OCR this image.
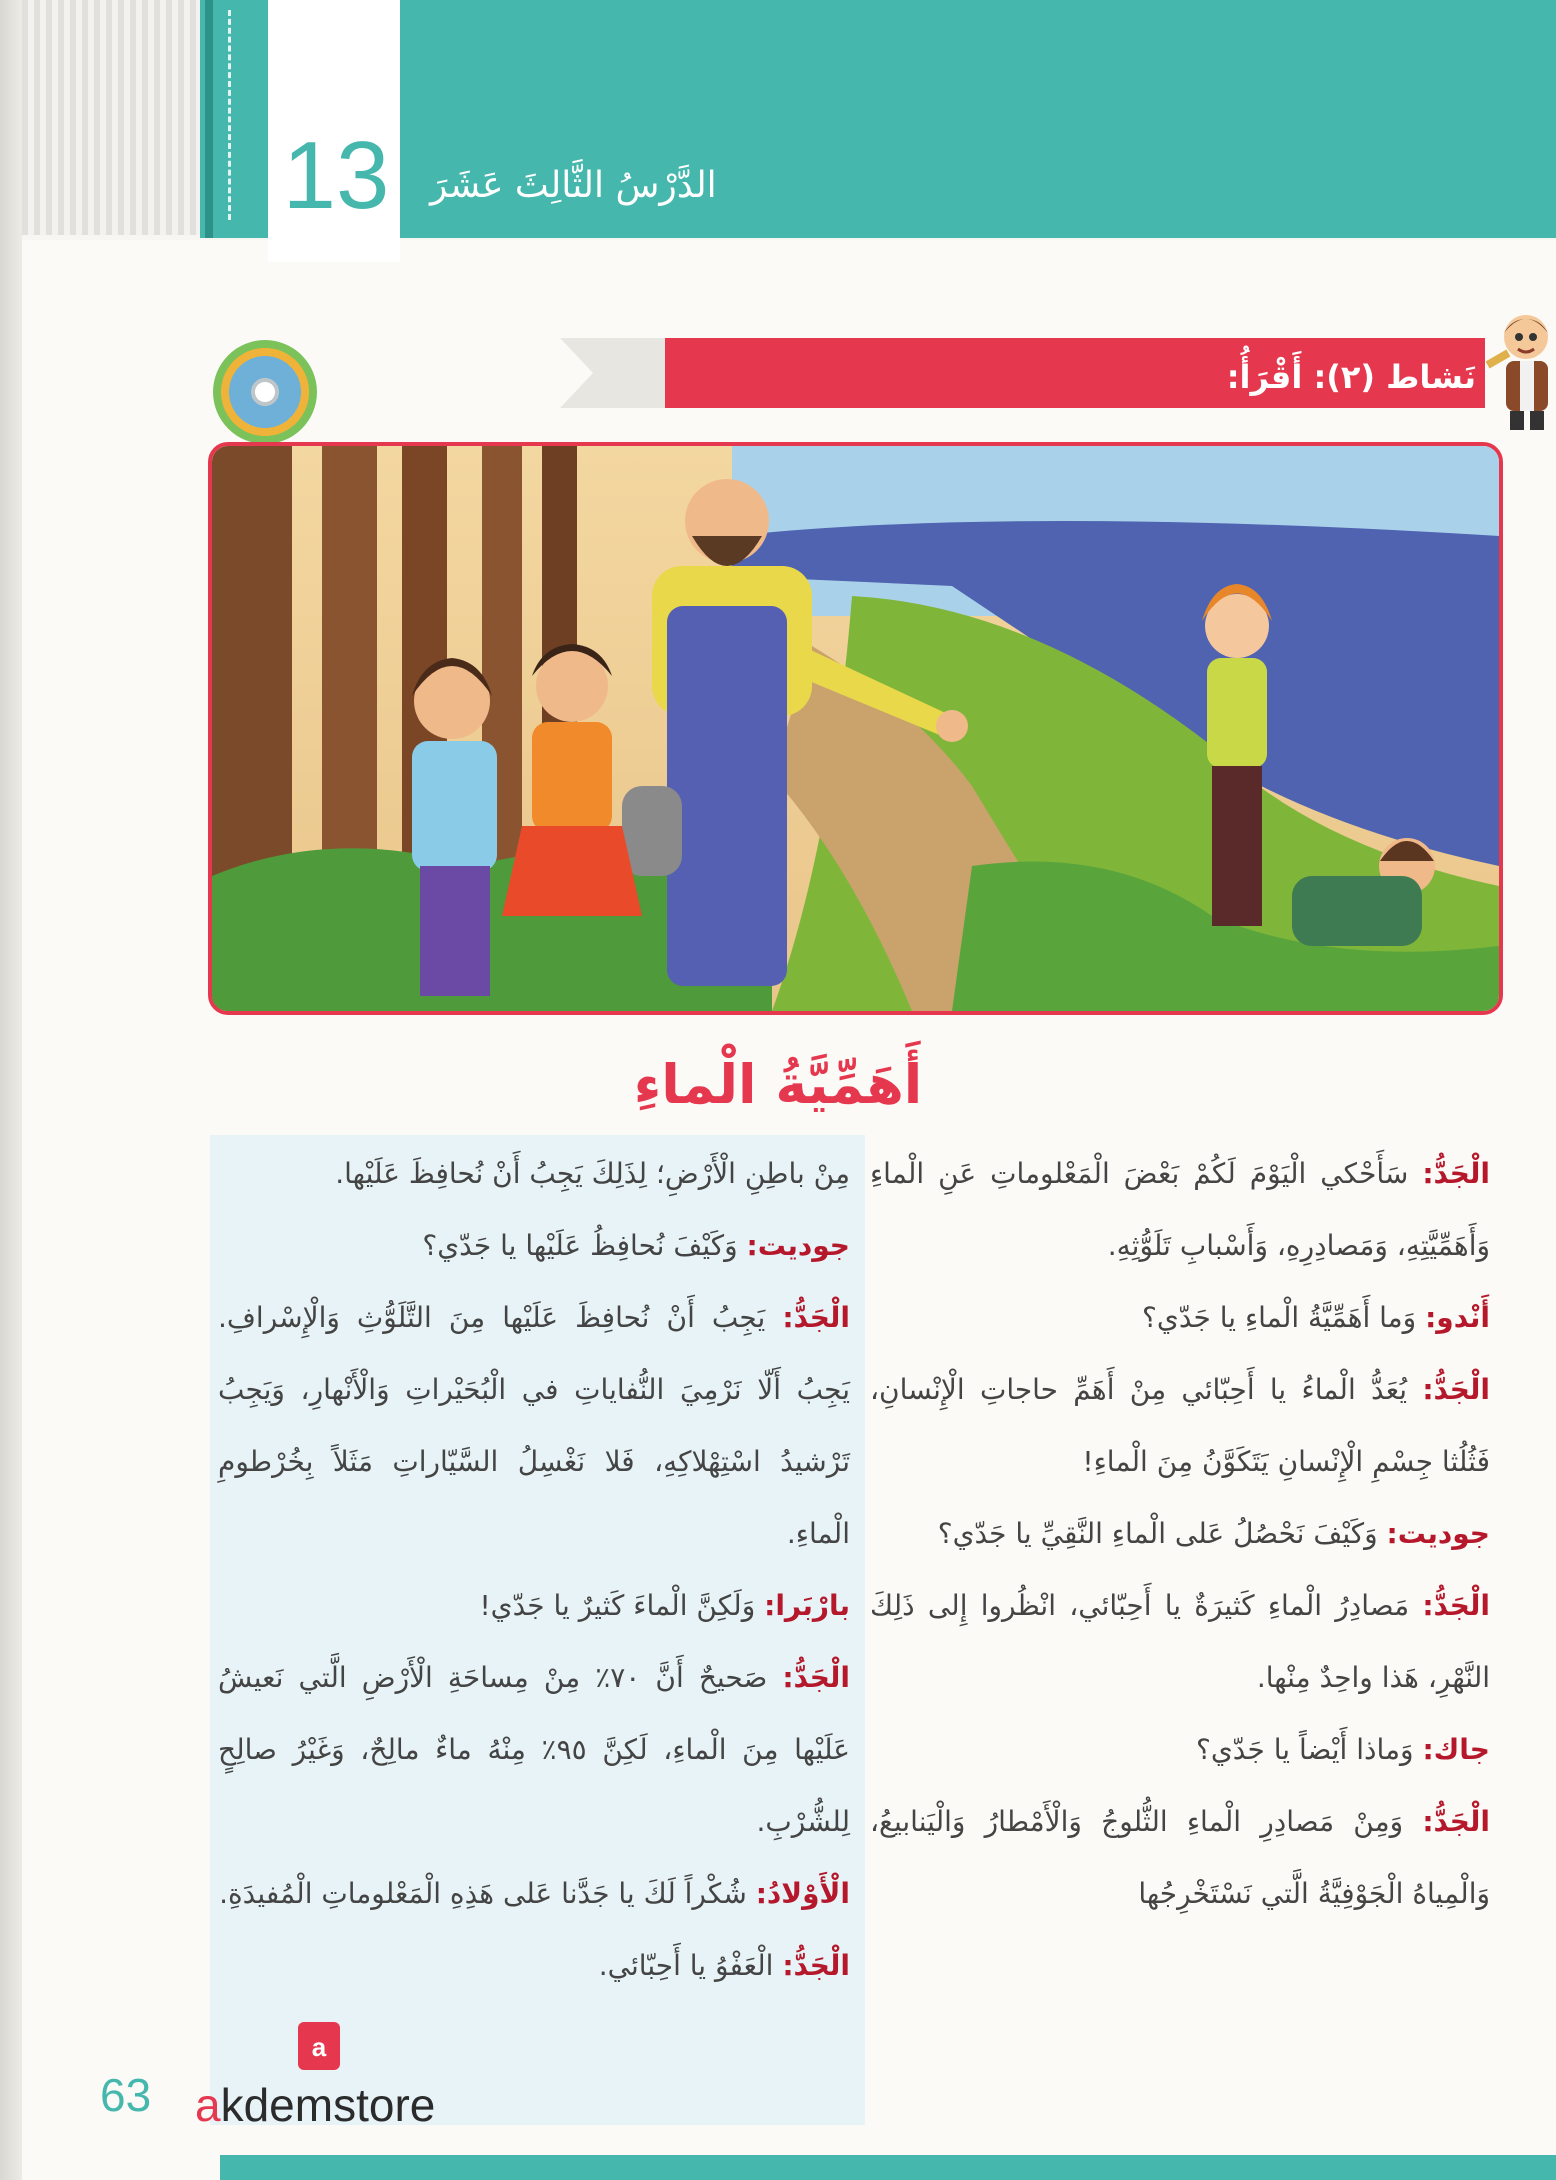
13 الدَّرْسُ الثَّالِثَ عَشَرَ
نَشاط (٢): أَقْرَأُ:
أَهَمِّيَّةُ الْماءِ

الْجَدُّ: سَأَحْكي الْيَوْمَ لَكُمْ بَعْضَ الْمَعْلوماتِ عَنِ الْماءِ وَأَهَمِّيَّتِهِ، وَمَصادِرِهِ، وَأَسْبابِ تَلَوُّثِهِ.

أَنْدو: وَما أَهَمِّيَّةُ الْماءِ يا جَدّي؟

الْجَدُّ: يُعَدُّ الْماءُ يا أَحِبّائي مِنْ أَهَمِّ حاجاتِ الْإِنْسانِ، فَثُلُثا جِسْمِ الْإِنْسانِ يَتَكَوَّنُ مِنَ الْماءِ!

جوديت: وَكَيْفَ نَحْصُلُ عَلى الْماءِ النَّقِيِّ يا جَدّي؟

الْجَدُّ: مَصادِرُ الْماءِ كَثيرَةٌ يا أَحِبّائي، انْظُروا إِلى ذَلِكَ النَّهْرِ، هَذا واحِدٌ مِنْها.

جاك: وَماذا أَيْضاً يا جَدّي؟

الْجَدُّ: وَمِنْ مَصادِرِ الْماءِ الثُّلوجُ وَالْأَمْطارُ وَالْيَنابيعُ، وَالْمِياهُ الْجَوْفِيَّةُ الَّتي نَسْتَخْرِجُها

مِنْ باطِنِ الْأَرْضِ؛ لِذَلِكَ يَجِبُ أَنْ نُحافِظَ عَلَيْها.

جوديت: وَكَيْفَ نُحافِظُ عَلَيْها يا جَدّي؟

الْجَدُّ: يَجِبُ أَنْ نُحافِظَ عَلَيْها مِنَ التَّلَوُّثِ وَالْإِسْرافِ. يَجِبُ أَلّا نَرْمِيَ النُّفاياتِ في الْبُحَيْراتِ وَالْأَنْهارِ، وَيَجِبُ تَرْشيدُ اسْتِهْلاكِهِ، فَلا نَغْسِلُ السَّيّاراتِ مَثَلاً بِخُرْطومِ الْماءِ.

بارْبَرا: وَلَكِنَّ الْماءَ كَثيرٌ يا جَدّي!

الْجَدُّ: صَحيحٌ أَنَّ ٧٠٪ مِنْ مِساحَةِ الْأَرْضِ الَّتي نَعيشُ عَلَيْها مِنَ الْماءِ، لَكِنَّ ٩٥٪ مِنْهُ ماءٌ مالِحٌ، وَغَيْرُ صالِحٍ لِلشُّرْبِ.

الْأَوْلادُ: شُكْراً لَكَ يا جَدَّنا عَلى هَذِهِ الْمَعْلوماتِ الْمُفيدَةِ.

الْجَدُّ: الْعَفْوُ يا أَحِبّائي.

63
a
akdemstore
